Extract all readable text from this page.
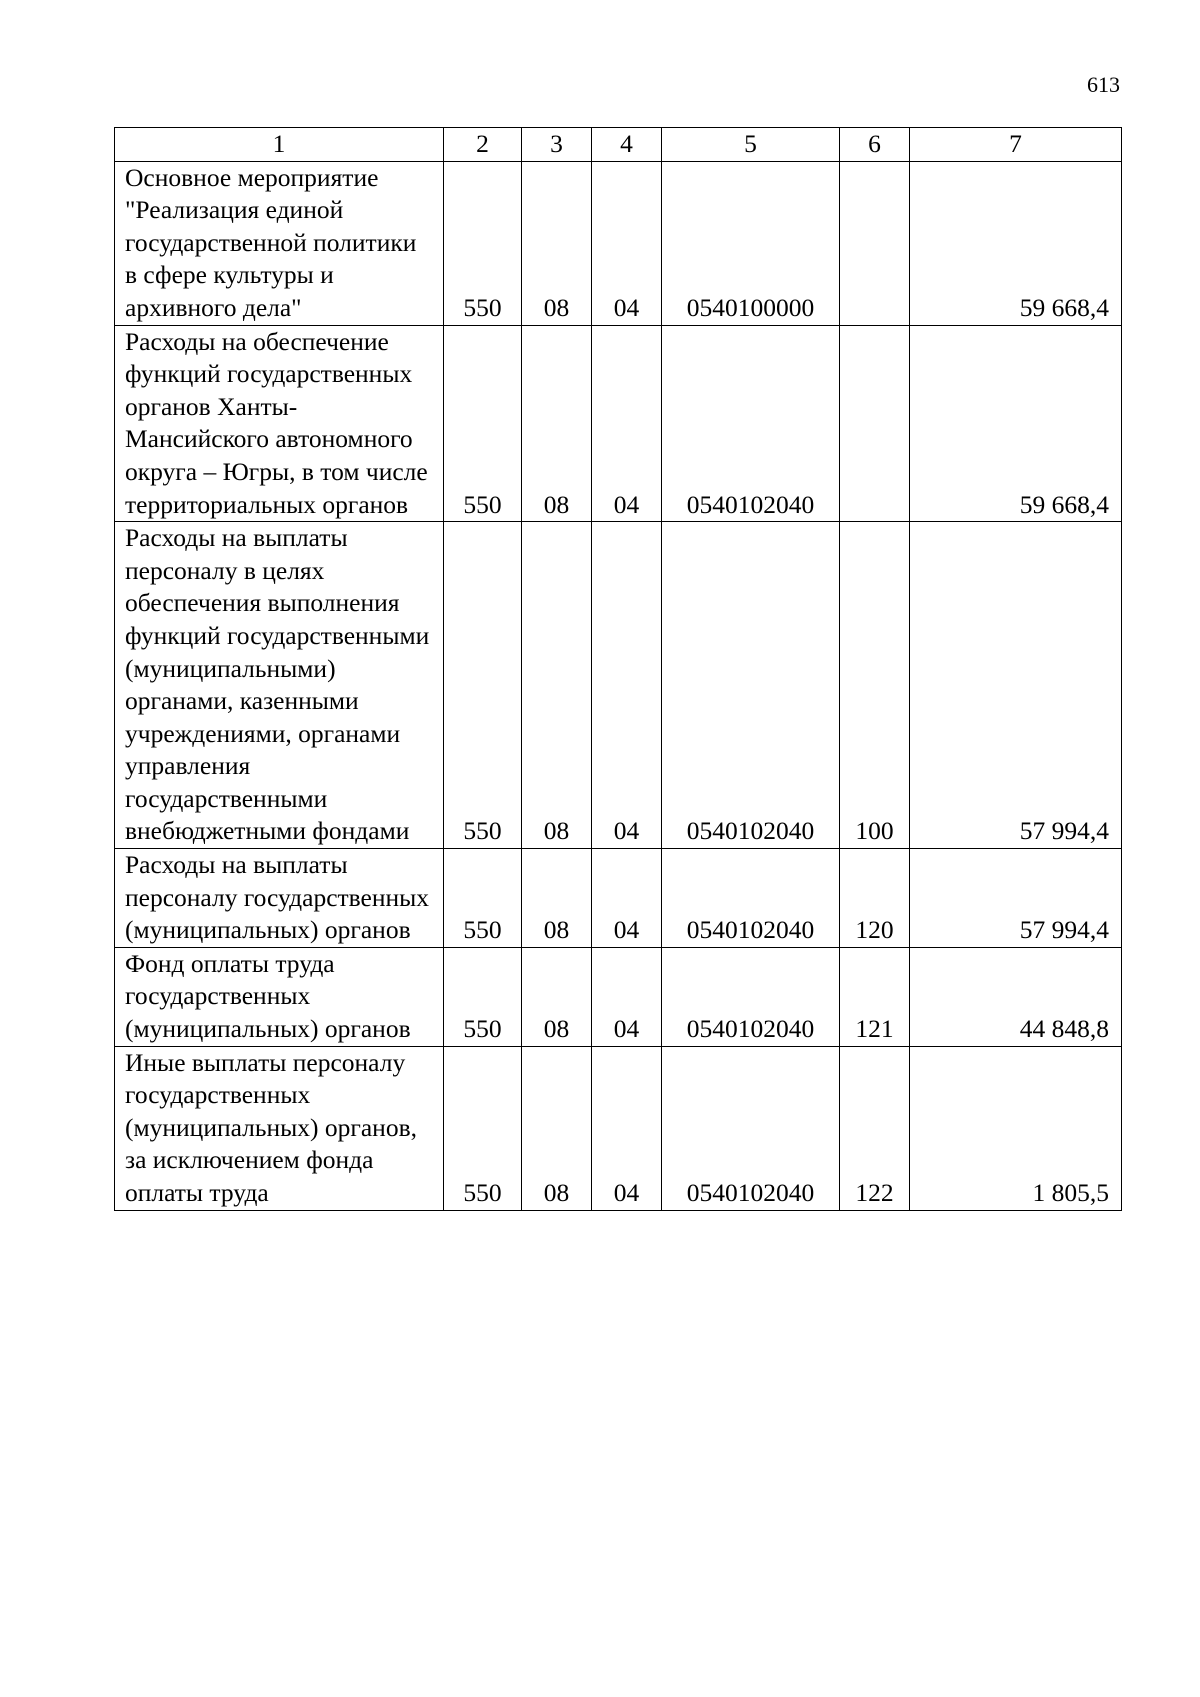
613
1	2	3	4	5	6	7
Основное мероприятие "Реализация единой государственной политики в сфере культуры и архивного дела"	550	08	04	0540100000		59 668,4
Расходы на обеспечение функций государственных органов Ханты-Мансийского автономного округа – Югры, в том числе территориальных органов	550	08	04	0540102040		59 668,4
Расходы на выплаты персоналу в целях обеспечения выполнения функций государственными (муниципальными) органами, казенными учреждениями, органами управления государственными внебюджетными фондами	550	08	04	0540102040	100	57 994,4
Расходы на выплаты персоналу государственных (муниципальных) органов	550	08	04	0540102040	120	57 994,4
Фонд оплаты труда государственных (муниципальных) органов	550	08	04	0540102040	121	44 848,8
Иные выплаты персоналу государственных (муниципальных) органов, за исключением фонда оплаты труда	550	08	04	0540102040	122	1 805,5
